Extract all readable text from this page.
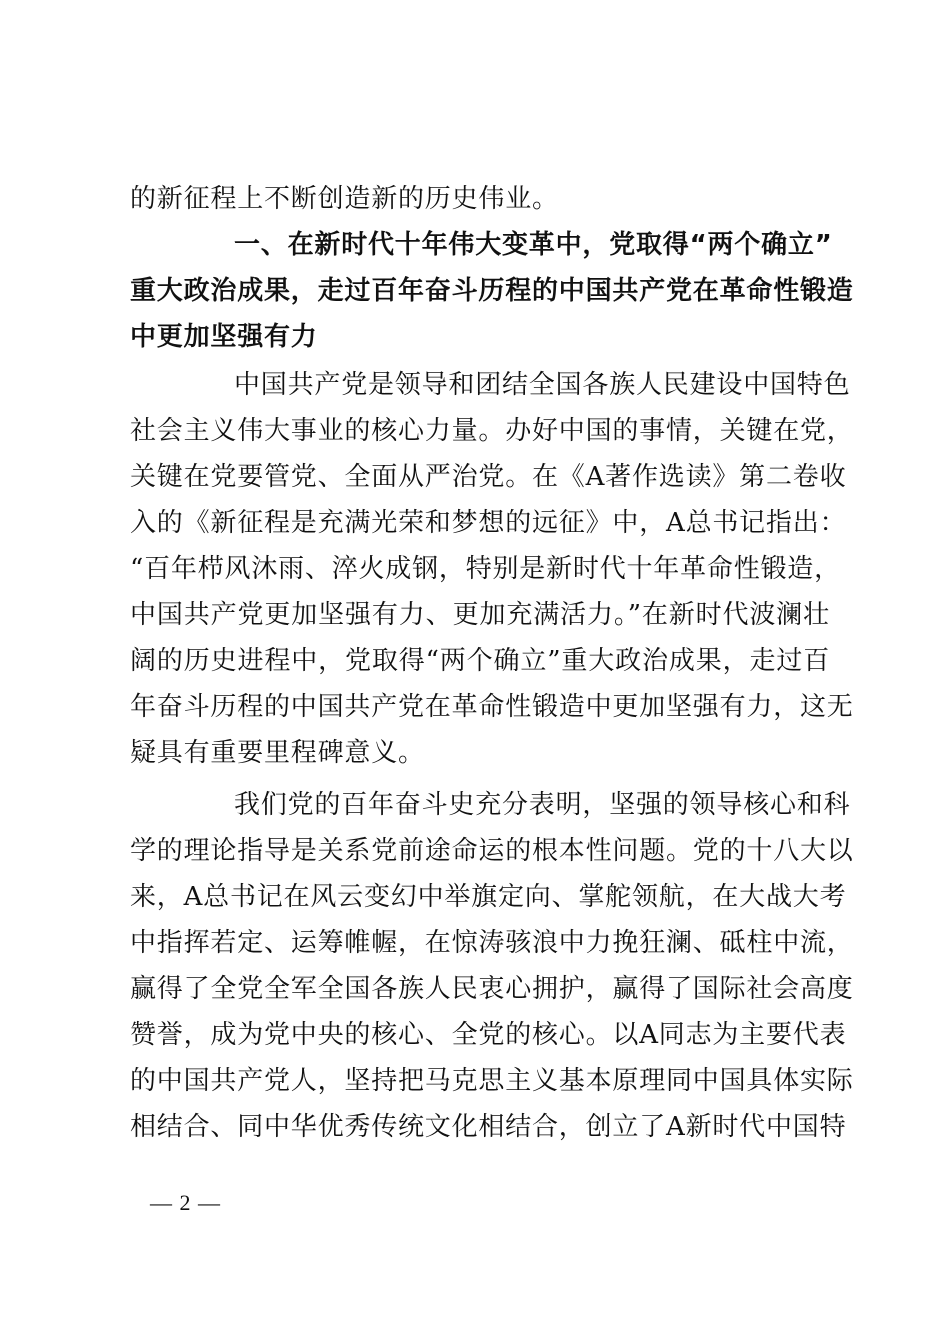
的新征程上不断创造新的历史伟业。
一、在新时代十年伟大变革中，党取得“两个确立”
重大政治成果，走过百年奋斗历程的中国共产党在革命性锻造
中更加坚强有力
中国共产党是领导和团结全国各族人民建设中国特色
社会主义伟大事业的核心力量。办好中国的事情，关键在党，
关键在党要管党、全面从严治党。在《A著作选读》第二卷收
入的《新征程是充满光荣和梦想的远征》中，A总书记指出：
“百年栉风沐雨、淬火成钢，特别是新时代十年革命性锻造，
中国共产党更加坚强有力、更加充满活力。”在新时代波澜壮
阔的历史进程中，党取得“两个确立”重大政治成果，走过百
年奋斗历程的中国共产党在革命性锻造中更加坚强有力，这无
疑具有重要里程碑意义。
我们党的百年奋斗史充分表明，坚强的领导核心和科
学的理论指导是关系党前途命运的根本性问题。党的十八大以
来，A总书记在风云变幻中举旗定向、掌舵领航，在大战大考
中指挥若定、运筹帷幄，在惊涛骇浪中力挽狂澜、砥柱中流，
赢得了全党全军全国各族人民衷心拥护，赢得了国际社会高度
赞誉，成为党中央的核心、全党的核心。以A同志为主要代表
的中国共产党人，坚持把马克思主义基本原理同中国具体实际
相结合、同中华优秀传统文化相结合，创立了A新时代中国特
— 2 —
